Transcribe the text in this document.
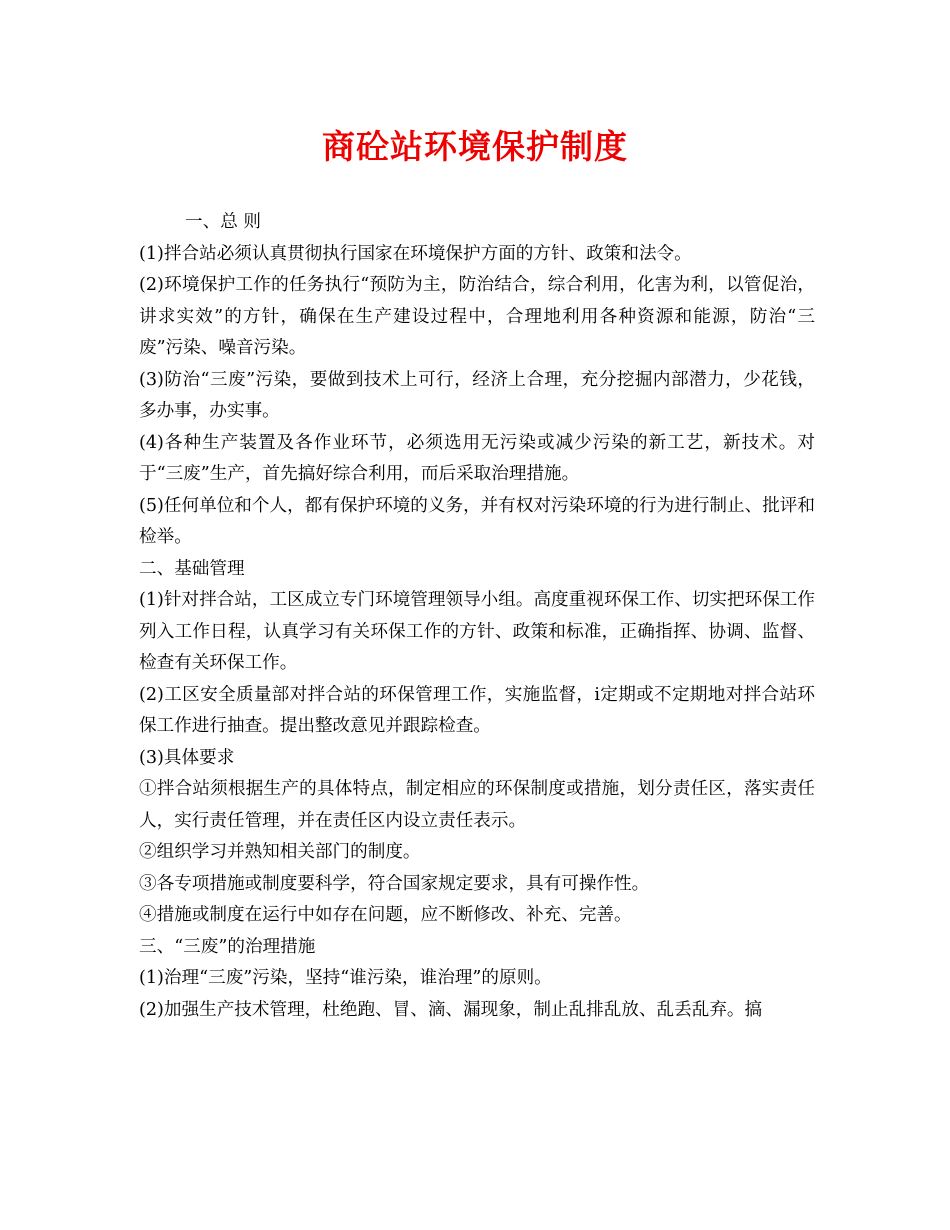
商砼站环境保护制度

一、总 则

(1)拌合站必须认真贯彻执行国家在环境保护方面的方针、政策和法令。

(2)环境保护工作的任务执行“预防为主，防治结合，综合利用，化害为利，以管促治，讲求实效”的方针，确保在生产建设过程中，合理地利用各种资源和能源，防治“三废”污染、噪音污染。

(3)防治“三废”污染，要做到技术上可行，经济上合理，充分挖掘内部潜力，少花钱，多办事，办实事。

(4)各种生产装置及各作业环节，必须选用无污染或减少污染的新工艺，新技术。对于“三废”生产，首先搞好综合利用，而后采取治理措施。

(5)任何单位和个人，都有保护环境的义务，并有权对污染环境的行为进行制止、批评和检举。

二、基础管理

(1)针对拌合站，工区成立专门环境管理领导小组。高度重视环保工作、切实把环保工作列入工作日程，认真学习有关环保工作的方针、政策和标准，正确指挥、协调、监督、检查有关环保工作。

(2)工区安全质量部对拌合站的环保管理工作，实施监督，i定期或不定期地对拌合站环保工作进行抽查。提出整改意见并跟踪检查。

(3)具体要求

①拌合站须根据生产的具体特点，制定相应的环保制度或措施，划分责任区，落实责任人，实行责任管理，并在责任区内设立责任表示。

②组织学习并熟知相关部门的制度。

③各专项措施或制度要科学，符合国家规定要求，具有可操作性。

④措施或制度在运行中如存在问题，应不断修改、补充、完善。

三、“三废”的治理措施

(1)治理“三废”污染，坚持“谁污染，谁治理”的原则。

(2)加强生产技术管理，杜绝跑、冒、滴、漏现象，制止乱排乱放、乱丢乱弃。搞
